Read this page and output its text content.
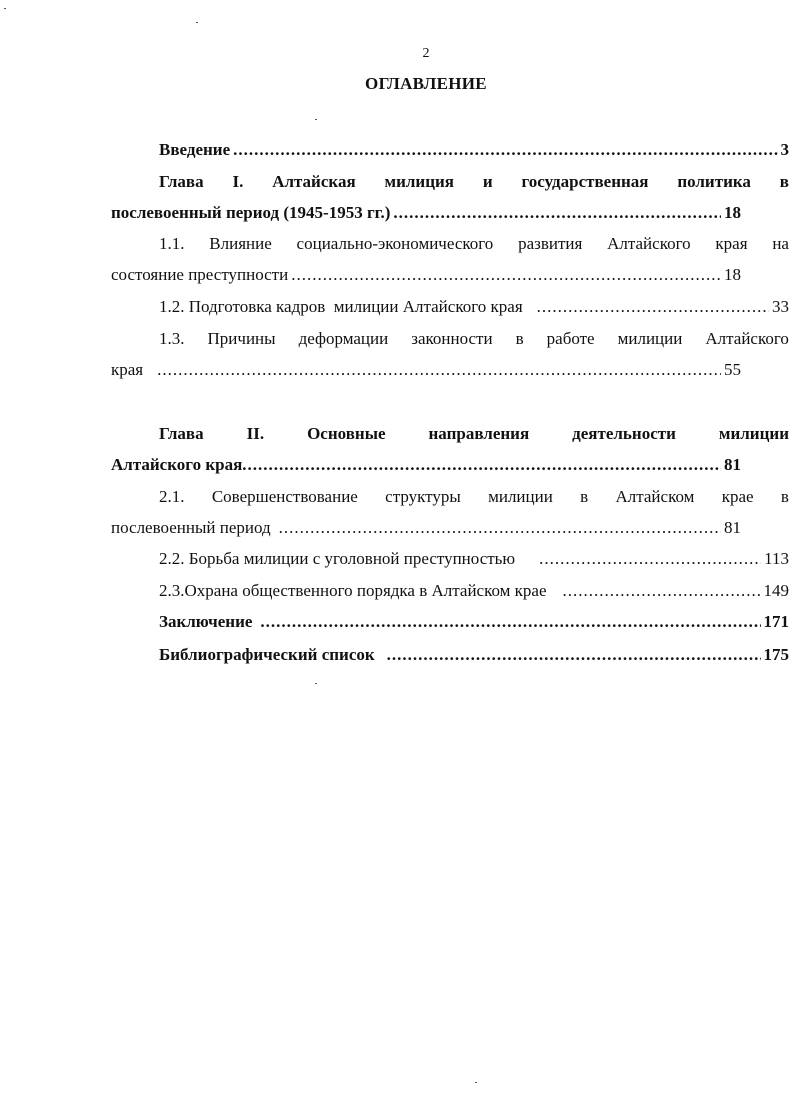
2
ОГЛАВЛЕНИЕ
Введение .....	3
Глава I. Алтайская милиция и государственная политика в
послевоенный период (1945-1953 гг.) .....	18
1.1. Влияние социально-экономического развития Алтайского края на
состояние преступности .....	18
1.2. Подготовка кадров  милиции Алтайского края .....	33
1.3. Причины деформации законности в работе милиции Алтайского
края .....	55
Глава	II.	Основные	направления	деятельности	милиции
Алтайского края .....	81
2.1. Совершенствование структуры милиции в Алтайском крае в
послевоенный период .....	81
2.2. Борьба милиции с уголовной преступностью .....	113
2.3.Охрана общественного порядка в Алтайском крае .....	149
Заключение .....	171
Библиографический список .....	175
